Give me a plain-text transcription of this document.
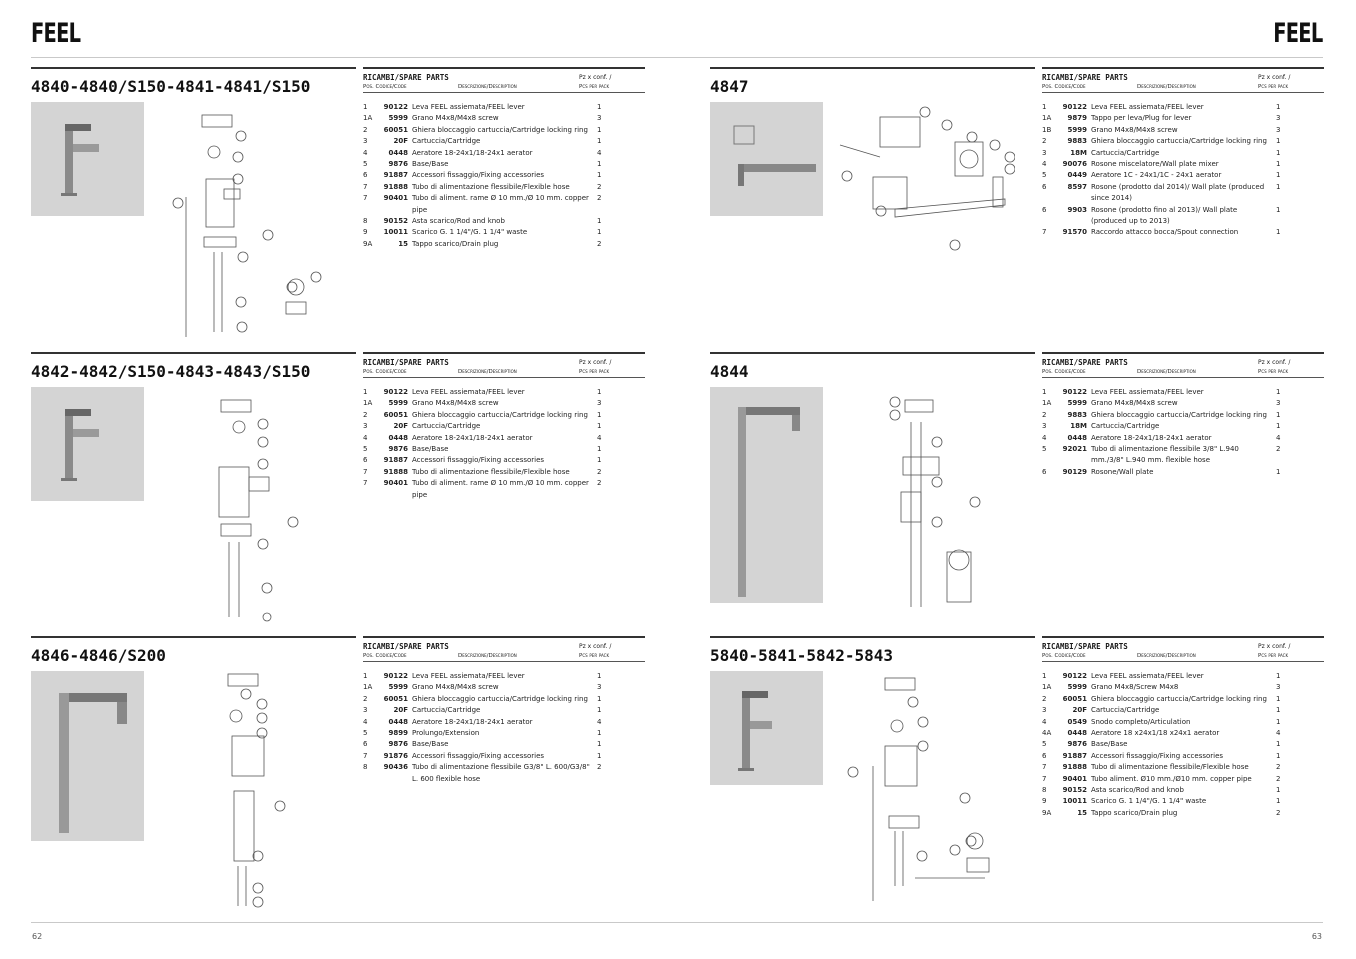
FEEL	FEEL
4840-4840/S150-4841-4841/S150	RICAMBI/SPARE PARTS	Pz x conf. /
Pos. Codice/Code	Descrizione/Description	Pcs per pack
1	90122	Leva FEEL assiemata/FEEL lever	1
1A	5999	Grano M4x8/M4x8 screw	3
2	60051	Ghiera bloccaggio cartuccia/Cartridge locking ring	1
3	20F	Cartuccia/Cartridge	1
4	0448	Aeratore 18-24x1/18-24x1 aerator	4
5	9876	Base/Base	1
6	91887	Accessori fissaggio/Fixing accessories	1
7	91888	Tubo di alimentazione flessibile/Flexible hose	2
7	90401	Tubo di aliment. rame Ø 10 mm./Ø 10 mm. copper pipe	2
8	90152	Asta scarico/Rod and knob	1
9	10011	Scarico G. 1 1/4"/G. 1 1/4" waste	1
9A	15	Tappo scarico/Drain plug	2
4847	RICAMBI/SPARE PARTS	Pz x conf. /
Pos. Codice/Code	Descrizione/Description	Pcs per pack
1	90122	Leva FEEL assiemata/FEEL lever	1
1A	9879	Tappo per leva/Plug for lever	3
1B	5999	Grano M4x8/M4x8 screw	3
2	9883	Ghiera bloccaggio cartuccia/Cartridge locking ring	1
3	18M	Cartuccia/Cartridge	1
4	90076	Rosone miscelatore/Wall plate mixer	1
5	0449	Aeratore 1C - 24x1/1C - 24x1 aerator	1
6	8597	Rosone (prodotto dal 2014)/ Wall plate (produced since 2014)	1
6	9903	Rosone (prodotto fino al 2013)/ Wall plate (produced up to 2013)	1
7	91570	Raccordo attacco bocca/Spout connection	1
4842-4842/S150-4843-4843/S150	RICAMBI/SPARE PARTS	Pz x conf. /
Pos. Codice/Code	Descrizione/Description	Pcs per pack
1	90122	Leva FEEL assiemata/FEEL lever	1
1A	5999	Grano M4x8/M4x8 screw	3
2	60051	Ghiera bloccaggio cartuccia/Cartridge locking ring	1
3	20F	Cartuccia/Cartridge	1
4	0448	Aeratore 18-24x1/18-24x1 aerator	4
5	9876	Base/Base	1
6	91887	Accessori fissaggio/Fixing accessories	1
7	91888	Tubo di alimentazione flessibile/Flexible hose	2
7	90401	Tubo di aliment. rame Ø 10 mm./Ø 10 mm. copper pipe	2
4844	RICAMBI/SPARE PARTS	Pz x conf. /
Pos. Codice/Code	Descrizione/Description	Pcs per pack
1	90122	Leva FEEL assiemata/FEEL lever	1
1A	5999	Grano M4x8/M4x8 screw	3
2	9883	Ghiera bloccaggio cartuccia/Cartridge locking ring	1
3	18M	Cartuccia/Cartridge	1
4	0448	Aeratore 18-24x1/18-24x1 aerator	4
5	92021	Tubo di alimentazione flessibile 3/8" L.940 mm./3/8" L.940 mm. flexible hose	2
6	90129	Rosone/Wall plate	1
4846-4846/S200	RICAMBI/SPARE PARTS	Pz x conf. /
Pos. Codice/Code	Descrizione/Description	Pcs per pack
1	90122	Leva FEEL assiemata/FEEL lever	1
1A	5999	Grano M4x8/M4x8 screw	3
2	60051	Ghiera bloccaggio cartuccia/Cartridge locking ring	1
3	20F	Cartuccia/Cartridge	1
4	0448	Aeratore 18-24x1/18-24x1 aerator	4
5	9899	Prolungo/Extension	1
6	9876	Base/Base	1
7	91876	Accessori fissaggio/Fixing accessories	1
8	90436	Tubo di alimentazione flessibile G3/8" L. 600/G3/8" L. 600 flexible hose	2
5840-5841-5842-5843	RICAMBI/SPARE PARTS	Pz x conf. /
Pos. Codice/Code	Descrizione/Description	Pcs per pack
1	90122	Leva FEEL assiemata/FEEL lever	1
1A	5999	Grano M4x8/Screw M4x8	3
2	60051	Ghiera bloccaggio cartuccia/Cartridge locking ring	1
3	20F	Cartuccia/Cartridge	1
4	0549	Snodo completo/Articulation	1
4A	0448	Aeratore 18 x24x1/18 x24x1 aerator	4
5	9876	Base/Base	1
6	91887	Accessori fissaggio/Fixing accessories	1
7	91888	Tubo di alimentazione flessibile/Flexible hose	2
7	90401	Tubo aliment. Ø10 mm./Ø10 mm. copper pipe	2
8	90152	Asta scarico/Rod and knob	1
9	10011	Scarico G. 1 1/4"/G. 1 1/4" waste	1
9A	15	Tappo scarico/Drain plug	2
62	63
